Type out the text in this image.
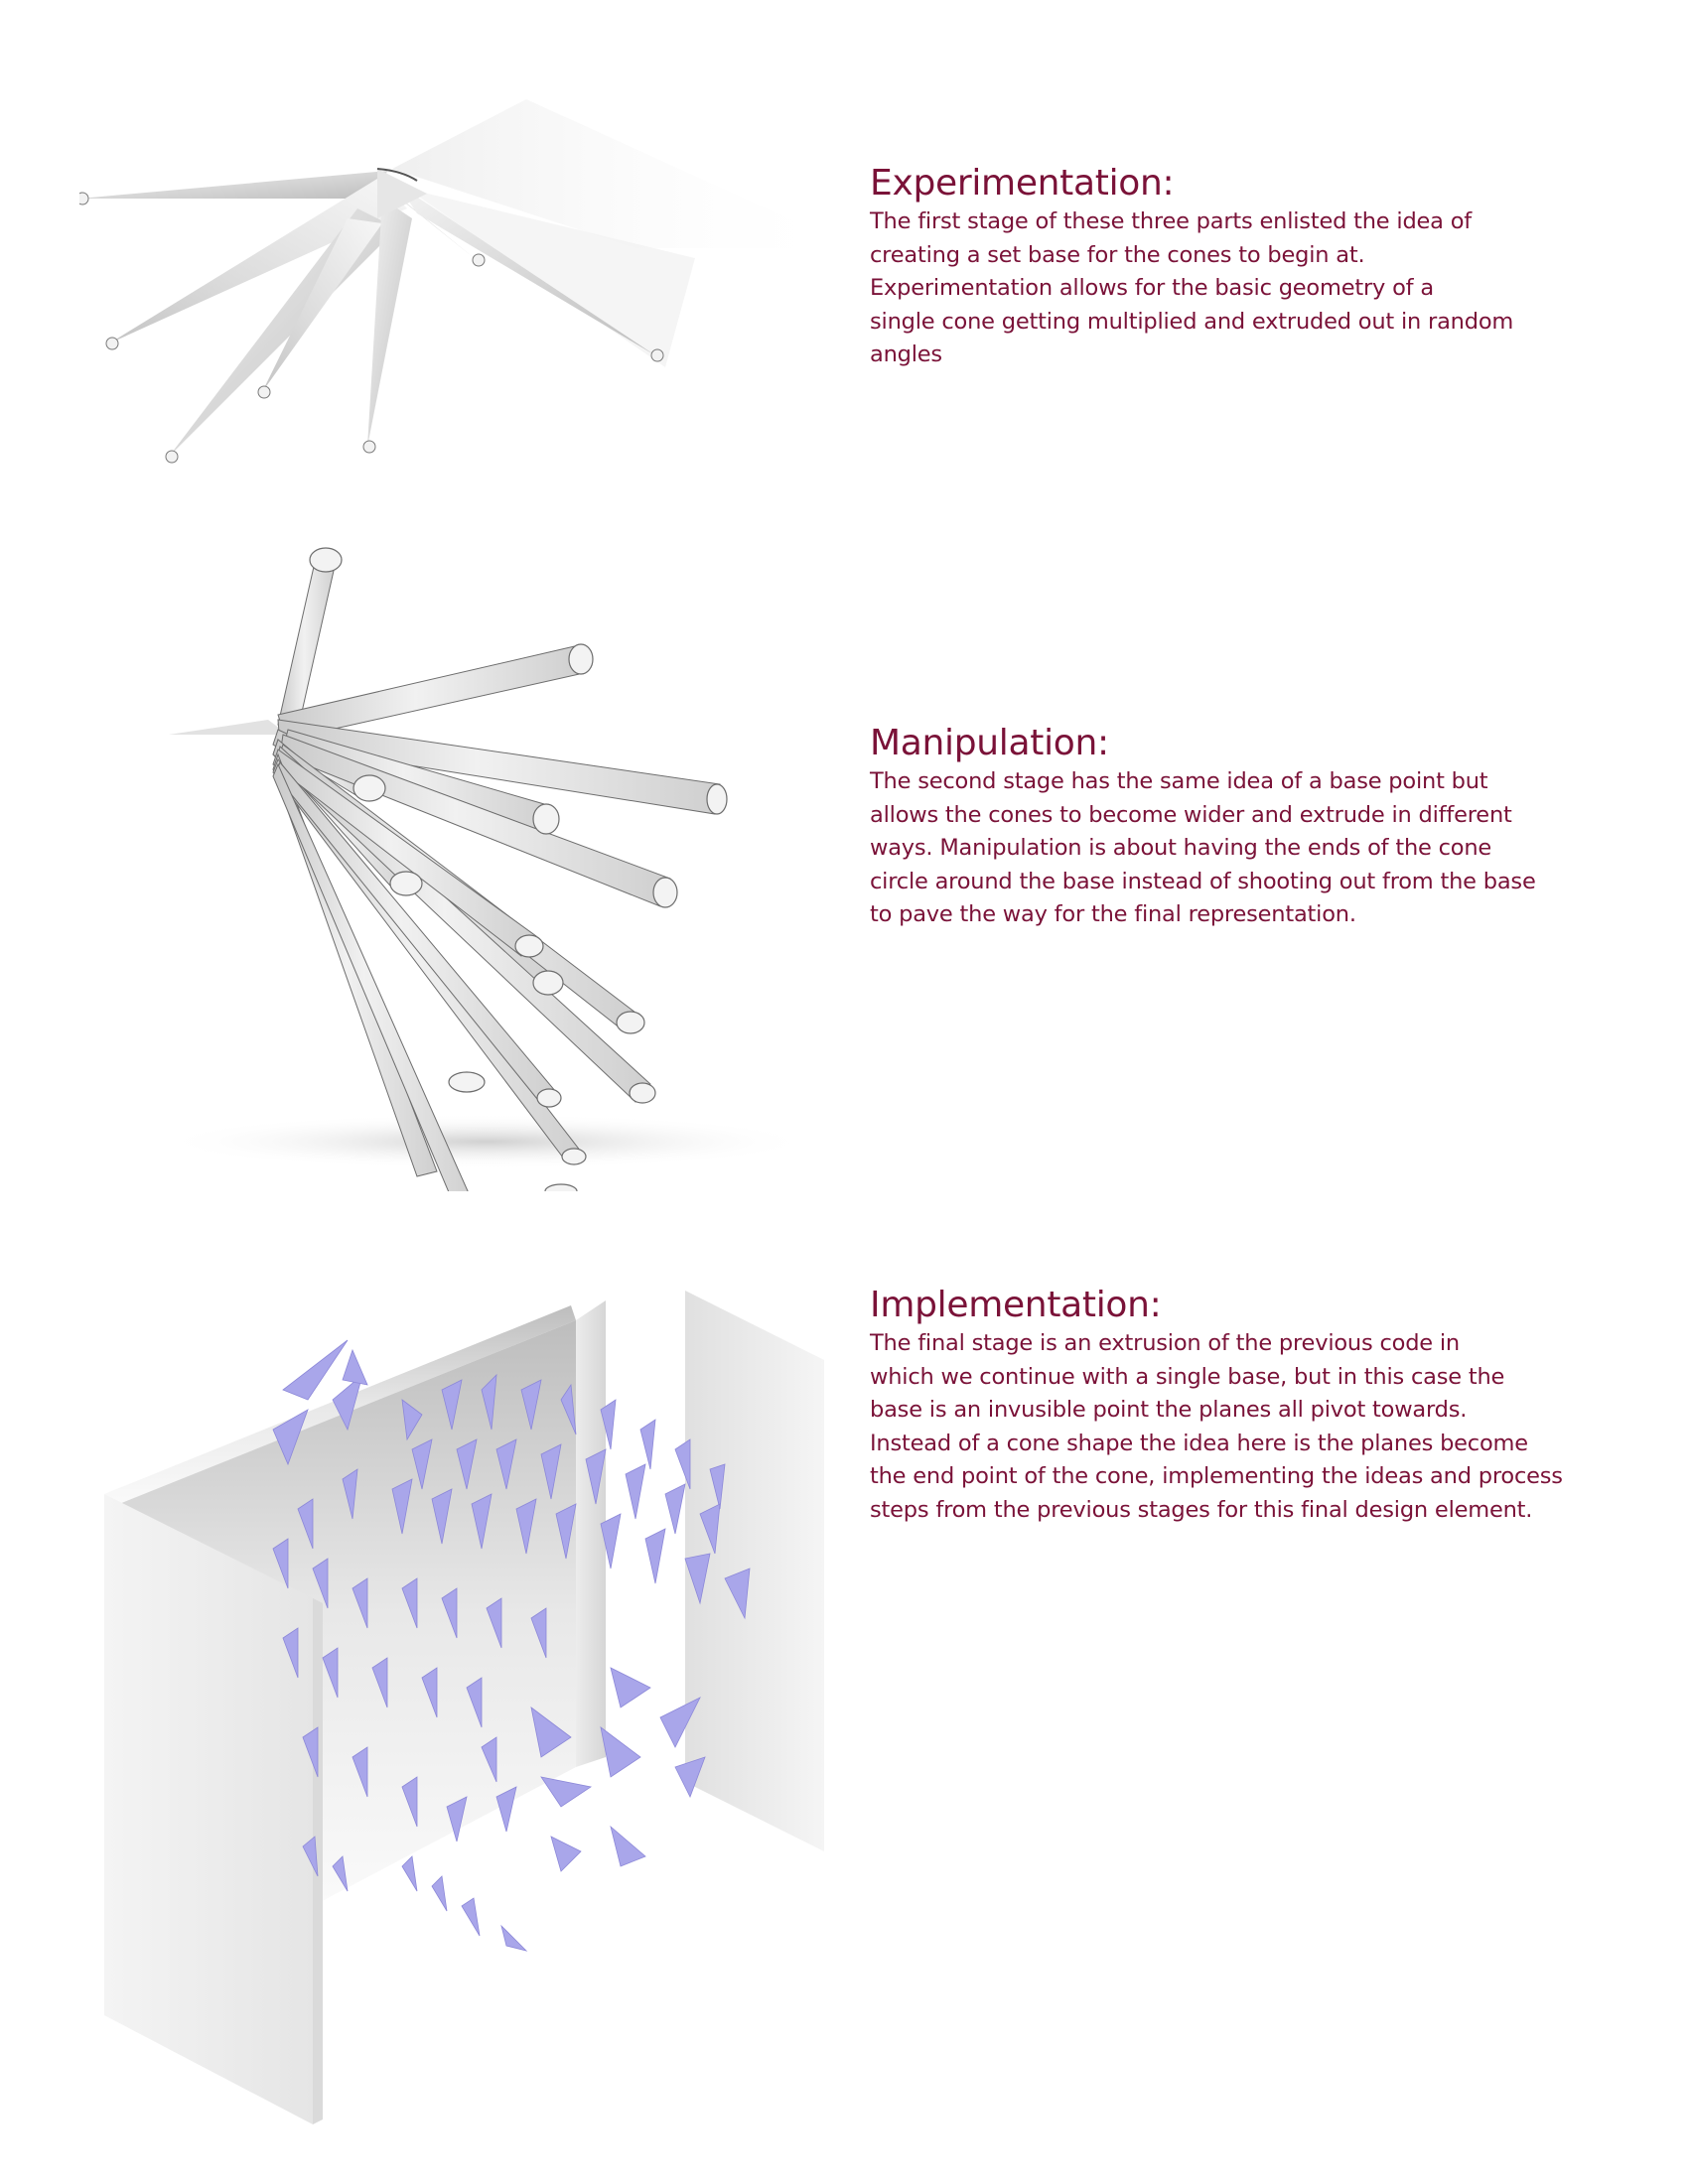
Experimentation:

The first stage of these three parts enlisted the idea of

creating a set base for the cones to begin at.

Experimentation allows for the basic geometry of a

single cone getting multiplied and extruded out in random

angles

Manipulation:

The second stage has the same idea of a base point but

allows the cones to become wider and extrude in different

ways. Manipulation is about having the ends of the cone

circle around the base instead of shooting out from the base

to pave the way for the final representation.

Implementation:

The final stage is an extrusion of the previous code in

which we continue with a single base, but in this case the

base is an invusible point the planes all pivot towards.

Instead of a cone shape the idea here is the planes become

the end point of the cone, implementing the ideas and process

steps from the previous stages for this final design element.
